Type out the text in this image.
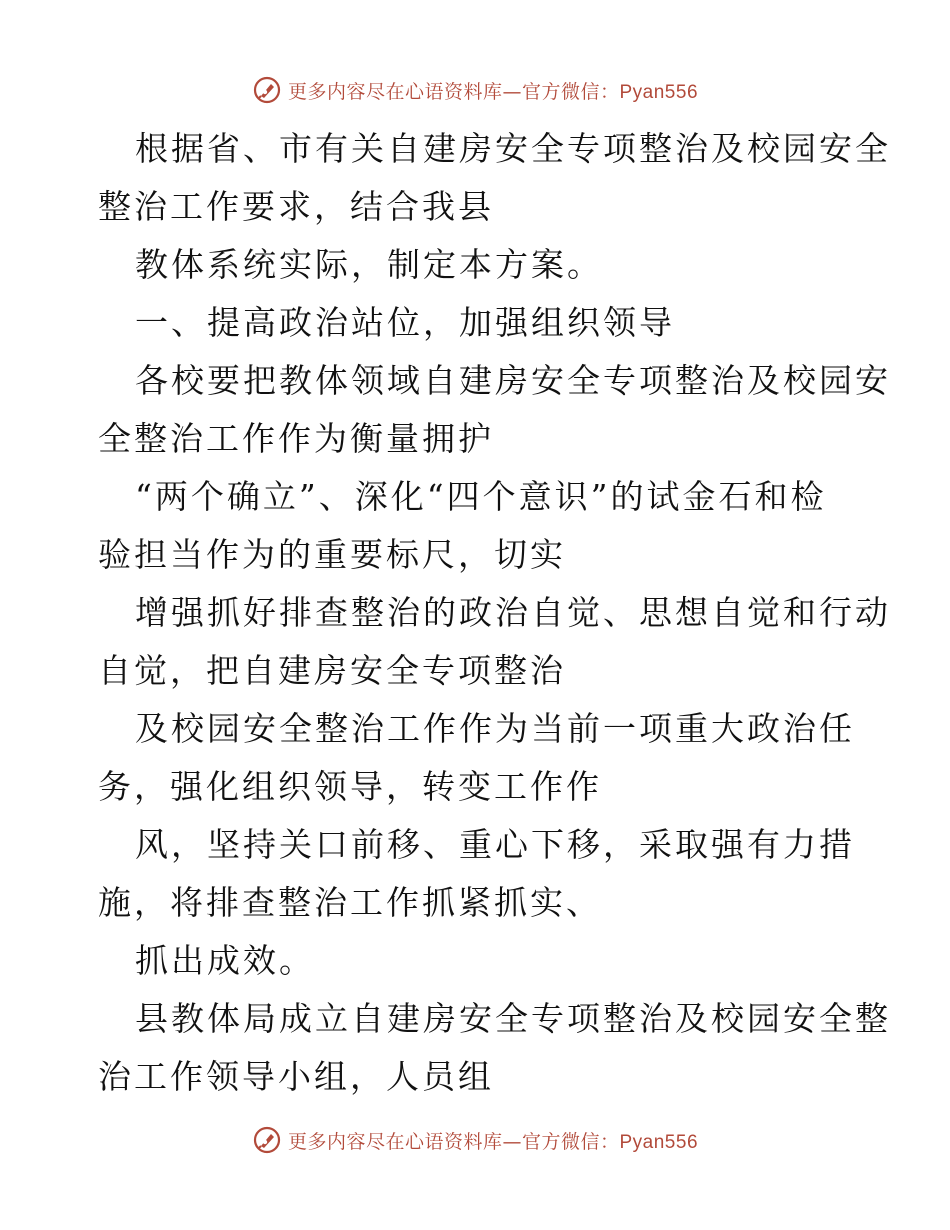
更多内容尽在心语资料库—官方微信：Pyan556
根据省、市有关自建房安全专项整治及校园安全
整治工作要求，结合我县
教体系统实际，制定本方案。
一、提高政治站位，加强组织领导
各校要把教体领域自建房安全专项整治及校园安
全整治工作作为衡量拥护
“两个确立”、深化“四个意识”的试金石和检
验担当作为的重要标尺，切实
增强抓好排查整治的政治自觉、思想自觉和行动
自觉，把自建房安全专项整治
及校园安全整治工作作为当前一项重大政治任
务，强化组织领导，转变工作作
风，坚持关口前移、重心下移，采取强有力措
施，将排查整治工作抓紧抓实、
抓出成效。
县教体局成立自建房安全专项整治及校园安全整
治工作领导小组，人员组
更多内容尽在心语资料库—官方微信：Pyan556
